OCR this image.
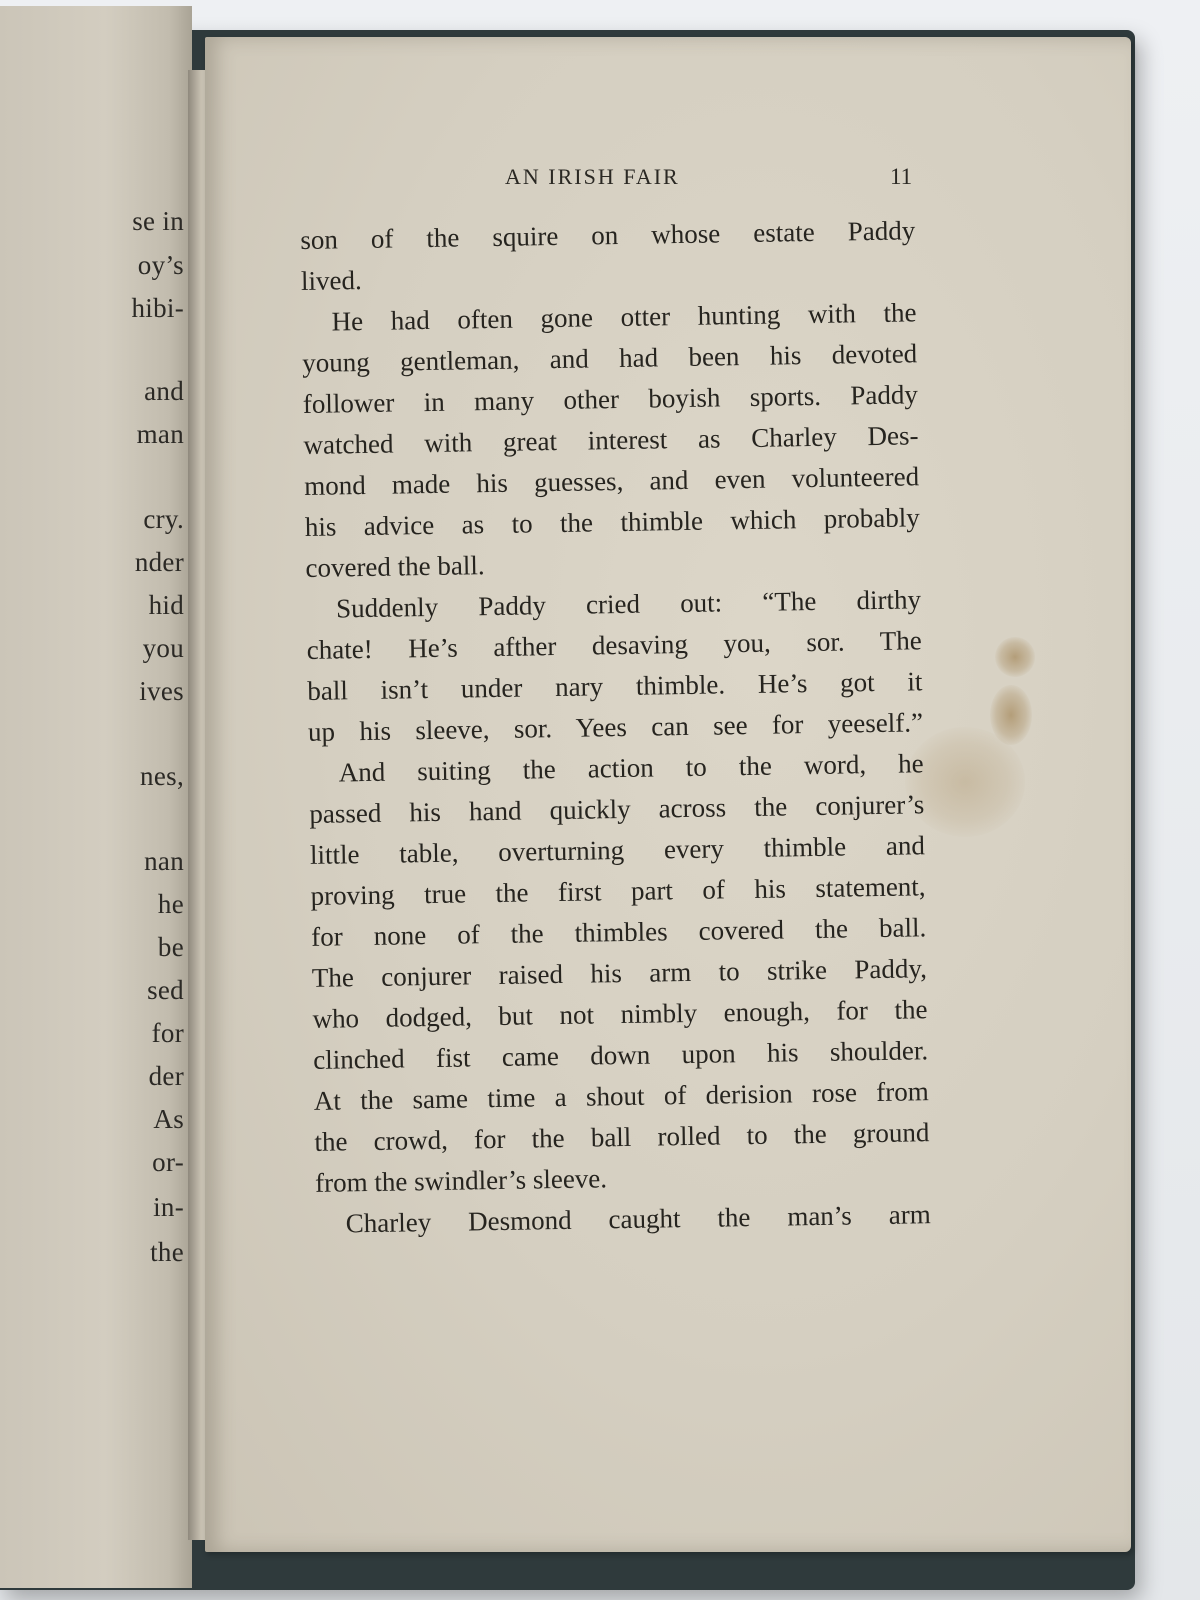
se in
oy’s
hibi-
and
man
cry.
nder
hid
you
ives
nes,
nan
he
be
sed
for
der
As
or-
in-
the
AN IRISH FAIR	11
son of the squire on whose estate Paddy
lived.
He had often gone otter hunting with the
young gentleman, and had been his devoted
follower in many other boyish sports. Paddy
watched with great interest as Charley Des-
mond made his guesses, and even volunteered
his advice as to the thimble which probably
covered the ball.
Suddenly Paddy cried out: “The dirthy
chate! He’s afther desaving you, sor. The
ball isn’t under nary thimble. He’s got it
up his sleeve, sor. Yees can see for yeeself.”
And suiting the action to the word, he
passed his hand quickly across the conjurer’s
little table, overturning every thimble and
proving true the first part of his statement,
for none of the thimbles covered the ball.
The conjurer raised his arm to strike Paddy,
who dodged, but not nimbly enough, for the
clinched fist came down upon his shoulder.
At the same time a shout of derision rose from
the crowd, for the ball rolled to the ground
from the swindler’s sleeve.
Charley Desmond caught the man’s arm
